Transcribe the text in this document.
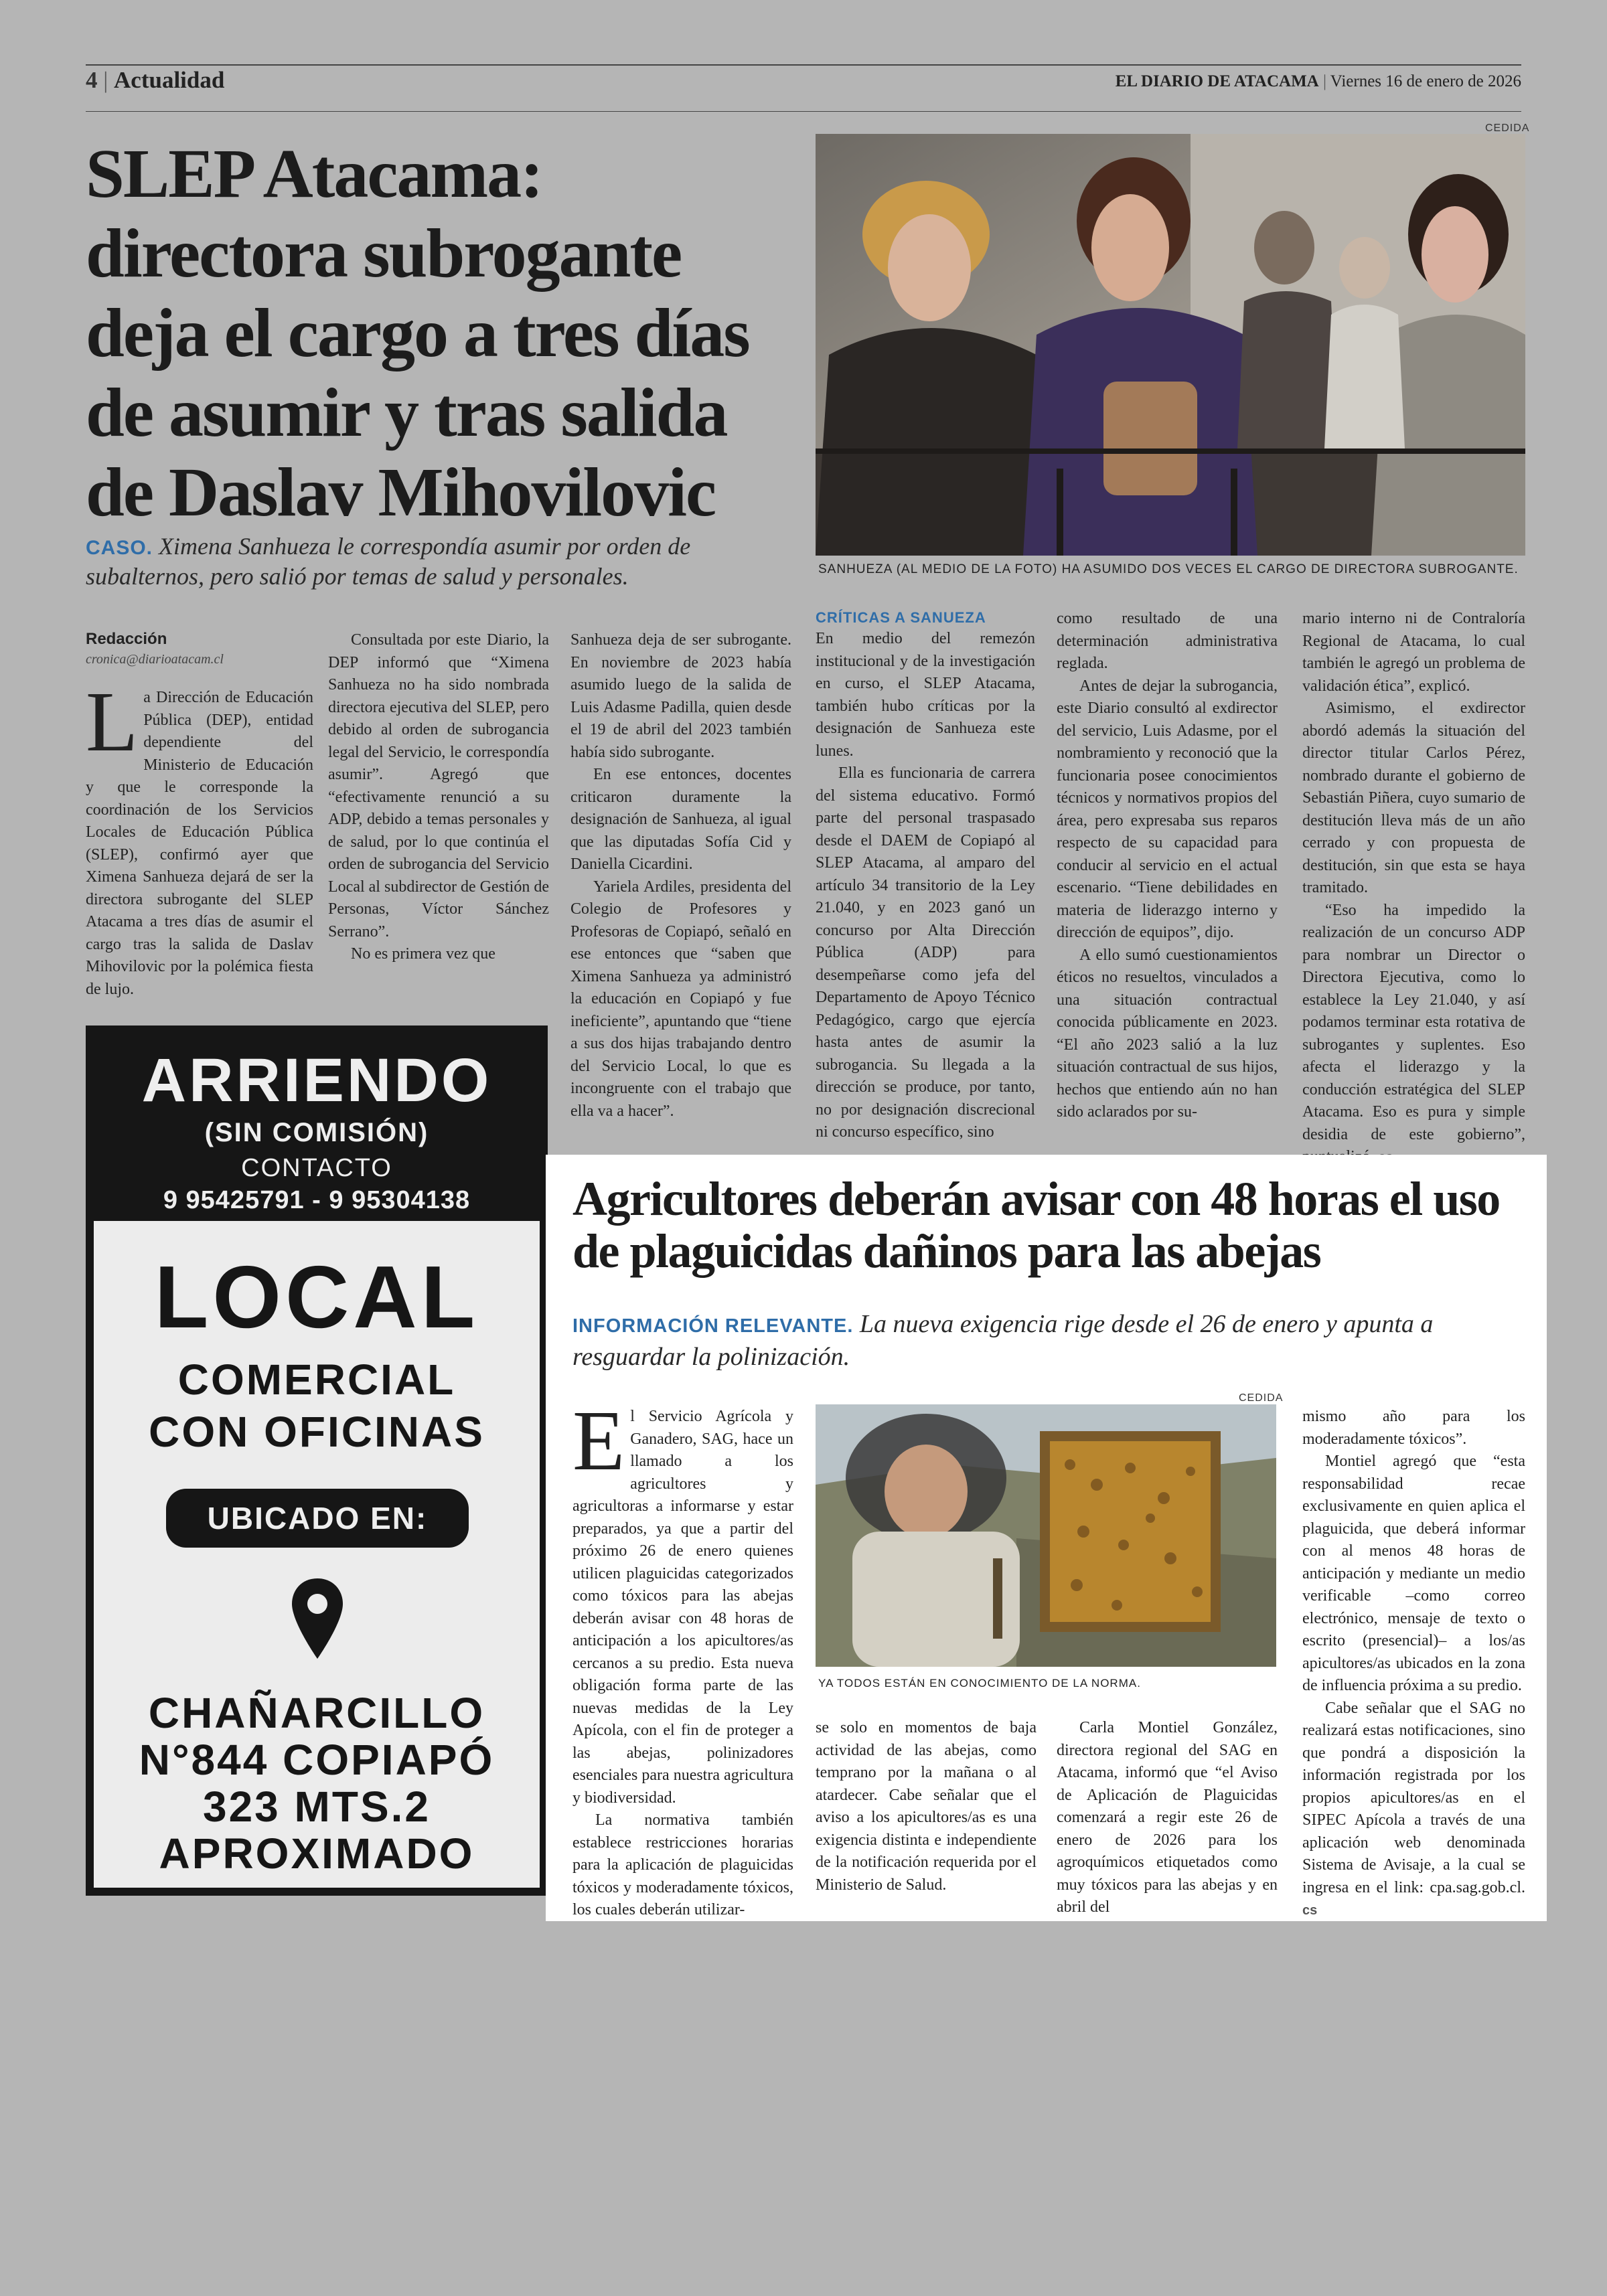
4 | Actualidad	EL DIARIO DE ATACAMA | Viernes 16 de enero de 2026
SLEP Atacama: directora subrogante deja el cargo a tres días de asumir y tras salida de Daslav Mihovilovic
CASO. Ximena Sanhueza le correspondía asumir por orden de subalternos, pero salió por temas de salud y personales.
CEDIDA
SANHUEZA (AL MEDIO DE LA FOTO) HA ASUMIDO DOS VECES EL CARGO DE DIRECTORA SUBROGANTE.

Redacción

cronica@diarioatacam.cl

La Dirección de Educación Pública (DEP), entidad dependiente del Ministerio de Educación y que le corresponde la coordinación de los Servicios Locales de Educación Pública (SLEP), confirmó ayer que Ximena Sanhueza dejará de ser la directora subrogante del SLEP Atacama a tres días de asumir el cargo tras la salida de Daslav Mihovilovic por la polémica fiesta de lujo.

Consultada por este Diario, la DEP informó que “Ximena Sanhueza no ha sido nombrada directora ejecutiva del SLEP, pero debido al orden de subrogancia legal del Servicio, le correspondía asumir”. Agregó que “efectivamente renunció a su ADP, debido a temas personales y de salud, por lo que continúa el orden de subrogancia del Servicio Local al subdirector de Gestión de Personas, Víctor Sánchez Serrano”.

No es primera vez que

Sanhueza deja de ser subrogante. En noviembre de 2023 había asumido luego de la salida de Luis Adasme Padilla, quien desde el 19 de abril del 2023 también había sido subrogante.

En ese entonces, docentes criticaron duramente la designación de Sanhueza, al igual que las diputadas Sofía Cid y Daniella Cicardini.

Yariela Ardiles, presidenta del Colegio de Profesores y Profesoras de Copiapó, señaló en ese entonces que “saben que Ximena Sanhueza ya administró la educación en Copiapó y fue ineficiente”, apuntando que “tiene a sus dos hijas trabajando dentro del Servicio Local, lo que es incongruente con el trabajo que ella va a hacer”.

CRÍTICAS A SANUEZA

En medio del remezón institucional y de la investigación en curso, el SLEP Atacama, también hubo críticas por la designación de Sanhueza este lunes.

Ella es funcionaria de carrera del sistema educativo. Formó parte del personal traspasado desde el DAEM de Copiapó al SLEP Atacama, al amparo del artículo 34 transitorio de la Ley 21.040, y en 2023 ganó un concurso por Alta Dirección Pública (ADP) para desempeñarse como jefa del Departamento de Apoyo Técnico Pedagógico, cargo que ejercía hasta antes de asumir la subrogancia. Su llegada a la dirección se produce, por tanto, no por designación discrecional ni concurso específico, sino

como resultado de una determinación administrativa reglada.

Antes de dejar la subrogancia, este Diario consultó al exdirector del servicio, Luis Adasme, por el nombramiento y reconoció que la funcionaria posee conocimientos técnicos y normativos propios del área, pero expresaba sus reparos respecto de su capacidad para conducir al servicio en el actual escenario. “Tiene debilidades en materia de liderazgo interno y dirección de equipos”, dijo.

A ello sumó cuestionamientos éticos no resueltos, vinculados a una situación contractual conocida públicamente en 2023. “El año 2023 salió a la luz situación contractual de sus hijos, hechos que entiendo aún no han sido aclarados por su-

mario interno ni de Contraloría Regional de Atacama, lo cual también le agregó un problema de validación ética”, explicó.

Asimismo, el exdirector abordó además la situación del director titular Carlos Pérez, nombrado durante el gobierno de Sebastián Piñera, cuyo sumario de destitución lleva más de un año cerrado y con propuesta de destitución, sin que esta se haya tramitado.

“Eso ha impedido la realización de un concurso ADP para nombrar un Director o Directora Ejecutiva, como lo establece la Ley 21.040, y así podamos terminar esta rotativa de subrogantes y suplentes. Eso afecta el liderazgo y la conducción estratégica del SLEP Atacama. Eso es pura y simple desidia de este gobierno”,

ARRIENDO
(SIN COMISIÓN)
CONTACTO
9 95425791 - 9 95304138
LOCAL
COMERCIAL
CON OFICINAS
UBICADO EN:
CHAÑARCILLO
N°844 COPIAPÓ
323 MTS.2
APROXIMADO
Agricultores deberán avisar con 48 horas el uso de plaguicidas dañinos para las abejas
INFORMACIÓN RELEVANTE. La nueva exigencia rige desde el 26 de enero y apunta a resguardar la polinización.
CEDIDA
YA TODOS ESTÁN EN CONOCIMIENTO DE LA NORMA.

El Servicio Agrícola y Ganadero, SAG, hace un llamado a los agricultores y agricultoras a informarse y estar preparados, ya que a partir del próximo 26 de enero quienes utilicen plaguicidas categorizados como tóxicos para las abejas deberán avisar con 48 horas de anticipación a los apicultores/as cercanos a su predio. Esta nueva obligación forma parte de las nuevas medidas de la Ley Apícola, con el fin de proteger a las abejas, polinizadores esenciales para nuestra agricultura y biodiversidad.

La normativa también establece restricciones horarias para la aplicación de plaguicidas tóxicos y moderadamente tóxicos, los cuales deberán utilizar-

se solo en momentos de baja actividad de las abejas, como temprano por la mañana o al atardecer. Cabe señalar que el aviso a los apicultores/as es una exigencia distinta e independiente de la notificación requerida por el Ministerio de Salud.

Carla Montiel González, directora regional del SAG en Atacama, informó que “el Aviso de Aplicación de Plaguicidas comenzará a regir este 26 de enero de 2026 para los agroquímicos etiquetados como muy tóxicos para las abejas y en abril del

mismo año para los moderadamente tóxicos”.

Montiel agregó que “esta responsabilidad recae exclusivamente en quien aplica el plaguicida, que deberá informar con al menos 48 horas de anticipación y mediante un medio verificable –como correo electrónico, mensaje de texto o escrito (presencial)– a los/as apicultores/as ubicados en la zona de influencia próxima a su predio.

Cabe señalar que el SAG no realizará estas notificaciones, sino que pondrá a disposición la información registrada por los propios apicultores/as en el SIPEC Apícola a través de una aplicación web denominada Sistema de Avisaje, a la cual se ingresa en el link: cpa.sag.gob.cl. cs
